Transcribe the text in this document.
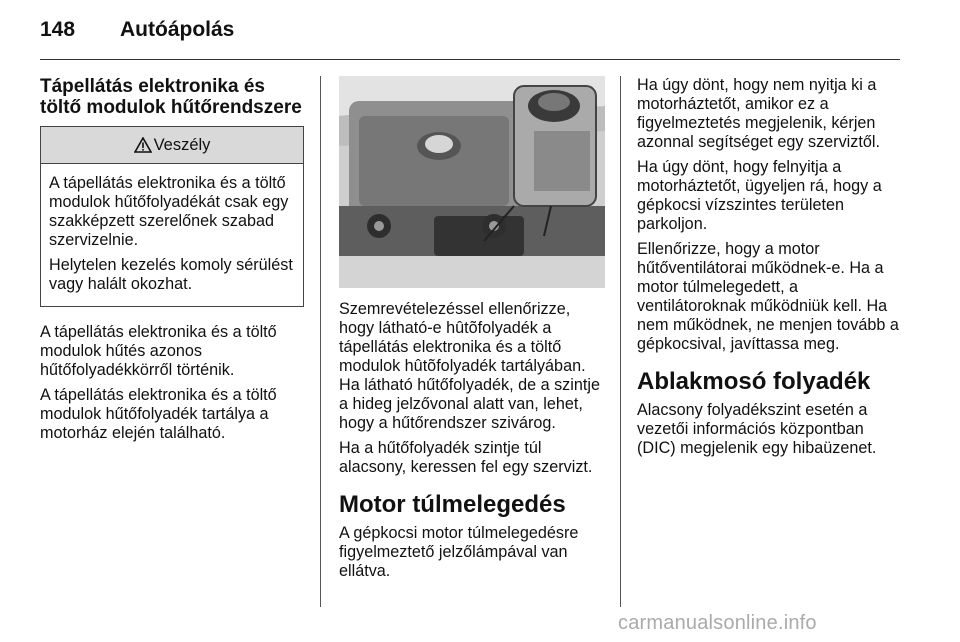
148 Autóápolás
Tápellátás elektronika és töltő modulok hűtőrendszere
Veszély

A tápellátás elektronika és a töltő modulok hűtőfolyadékát csak egy szakképzett szerelőnek szabad szervizelnie.

Helytelen kezelés komoly sérülést vagy halált okozhat.

A tápellátás elektronika és a töltő modulok hűtés azonos hűtőfolyadékkörről történik.

A tápellátás elektronika és a töltő modulok hűtőfolyadék tartálya a motorház elején található.

Szemrevételezéssel ellenőrizze, hogy látható-e hûtõfolyadék a tápellátás elektronika és a töltő modulok hûtõfolyadék tartályában. Ha látható hűtőfolyadék, de a szintje a hideg jelzővonal alatt van, lehet, hogy a hűtőrendszer szivárog.

Ha a hűtőfolyadék szintje túl alacsony, keressen fel egy szervizt.

Motor túlmelegedés

A gépkocsi motor túlmelegedésre figyelmeztető jelzőlámpával van ellátva.

Ha úgy dönt, hogy nem nyitja ki a motorháztetőt, amikor ez a figyelmeztetés megjelenik, kérjen azonnal segítséget egy szerviztől.

Ha úgy dönt, hogy felnyitja a motorháztetőt, ügyeljen rá, hogy a gépkocsi vízszintes területen parkoljon.

Ellenőrizze, hogy a motor hűtőventilátorai működnek-e. Ha a motor túlmelegedett, a ventilátoroknak működniük kell. Ha nem működnek, ne menjen tovább a gépkocsival, javíttassa meg.

Ablakmosó folyadék

Alacsony folyadékszint esetén a vezetői információs központban (DIC) megjelenik egy hibaüzenet.

carmanualsonline.info
